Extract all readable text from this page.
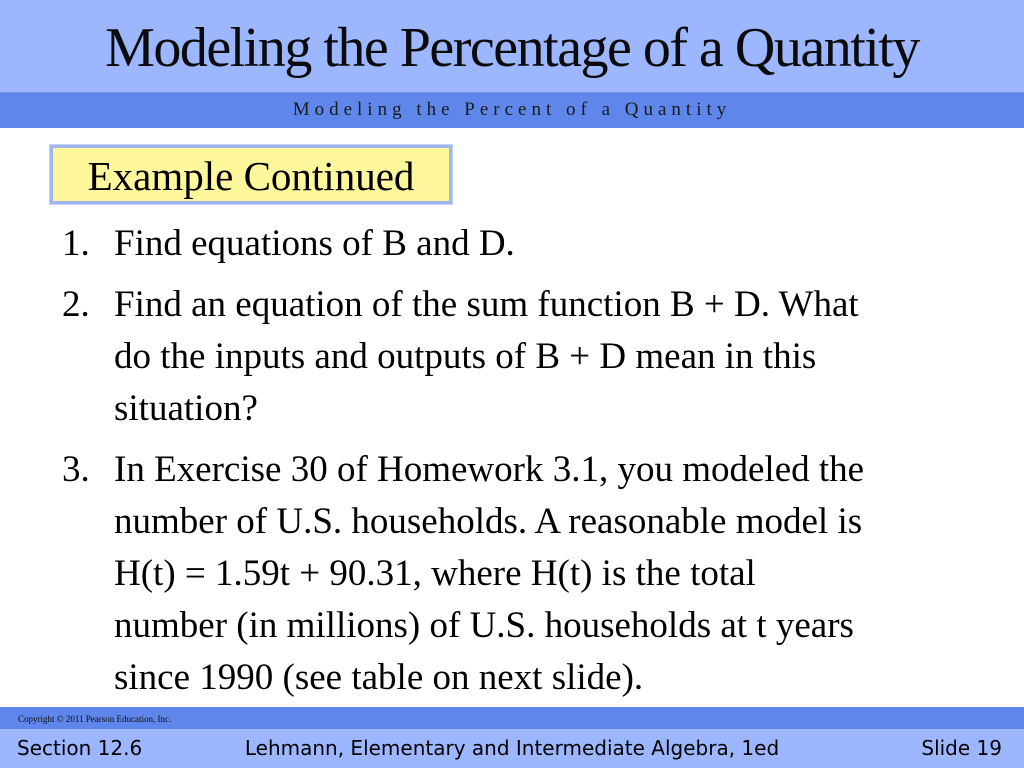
Modeling the Percentage of a Quantity
Modeling the Percent of a Quantity
Example Continued
1. Find equations of B and D.
2. Find an equation of the sum function B + D. What
do the inputs and outputs of B + D mean in this
situation?
3. In Exercise 30 of Homework 3.1, you modeled the
number of U.S. households. A reasonable model is
H(t) = 1.59t + 90.31, where H(t) is the total
number (in millions) of U.S. households at t years
since 1990 (see table on next slide).
Copyright © 2011 Pearson Education, Inc.
Section 12.6	Lehmann, Elementary and Intermediate Algebra, 1ed	Slide 19
